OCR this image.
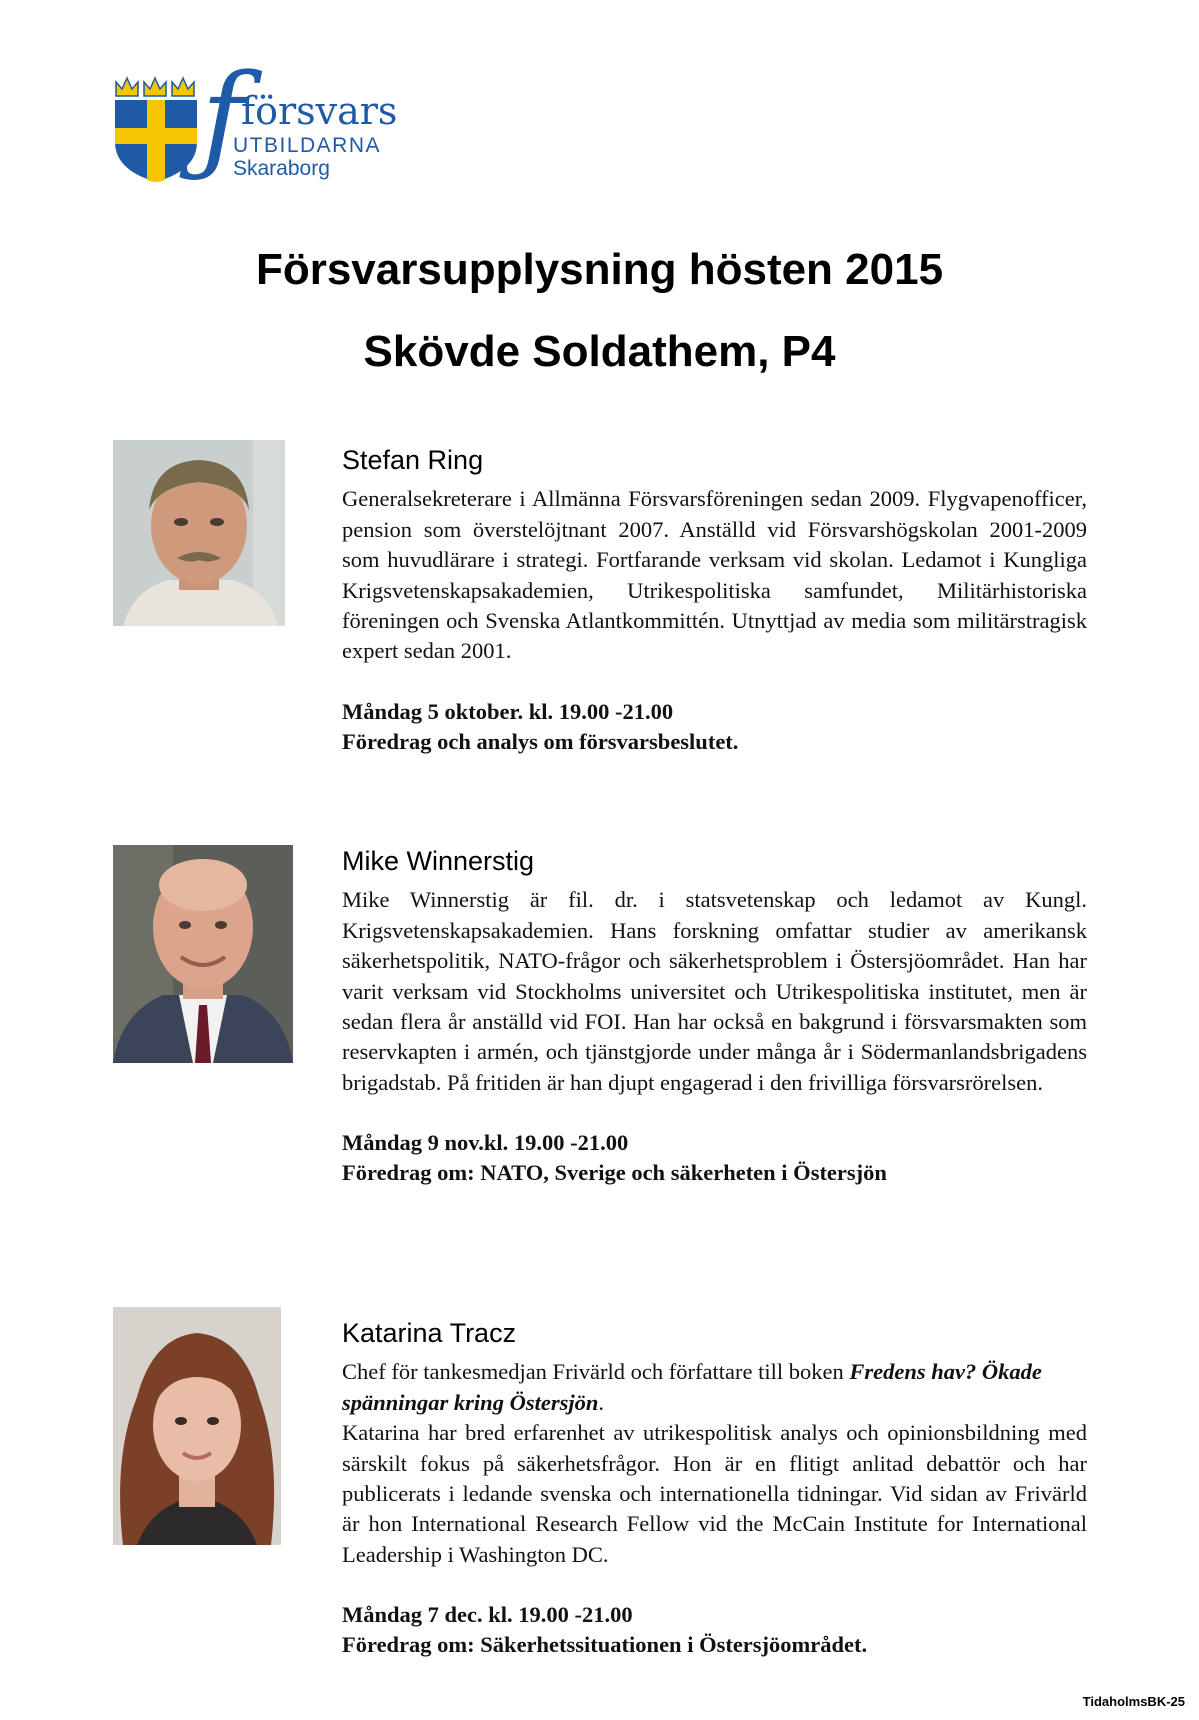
ƒ
försvars
UTBILDARNA
Skaraborg
Försvarsupplysning hösten 2015
Skövde Soldathem, P4
Stefan Ring

Generalsekreterare i Allmänna Försvarsföreningen sedan 2009. Flygvapenofficer, pension som överstelöjtnant 2007. Anställd vid Försvarshögskolan 2001-2009 som huvudlärare i strategi. Fortfarande verksam vid skolan. Ledamot i Kungliga Krigsvetenskapsakademien, Utrikespolitiska samfundet, Militärhistoriska föreningen och Svenska Atlantkommittén. Utnyttjad av media som militärstragisk expert sedan 2001.

Måndag 5 oktober. kl. 19.00 -21.00
Föredrag och analys om försvarsbeslutet.
Mike Winnerstig

Mike Winnerstig är fil. dr. i statsvetenskap och ledamot av Kungl. Krigsvetenskapsakademien. Hans forskning omfattar studier av amerikansk säkerhetspolitik, NATO-frågor och säkerhetsproblem i Östersjöområdet. Han har varit verksam vid Stockholms universitet och Utrikespolitiska institutet, men är sedan flera år anställd vid FOI. Han har också en bakgrund i försvarsmakten som reservkapten i armén, och tjänstgjorde under många år i Södermanlandsbrigadens brigadstab. På fritiden är han djupt engagerad i den frivilliga försvarsrörelsen.

Måndag 9 nov.kl. 19.00 -21.00
Föredrag om: NATO, Sverige och säkerheten i Östersjön
Katarina Tracz

Chef för tankesmedjan Frivärld och författare till boken Fredens hav? Ökade spänningar kring Östersjön.

Katarina har bred erfarenhet av utrikespolitisk analys och opinionsbildning med särskilt fokus på säkerhetsfrågor. Hon är en flitigt anlitad debattör och har publicerats i ledande svenska och internationella tidningar. Vid sidan av Frivärld är hon International Research Fellow vid the McCain Institute for International Leadership i Washington DC.

Måndag 7 dec. kl. 19.00 -21.00
Föredrag om: Säkerhetssituationen i Östersjöområdet.
TidaholmsBK-25
